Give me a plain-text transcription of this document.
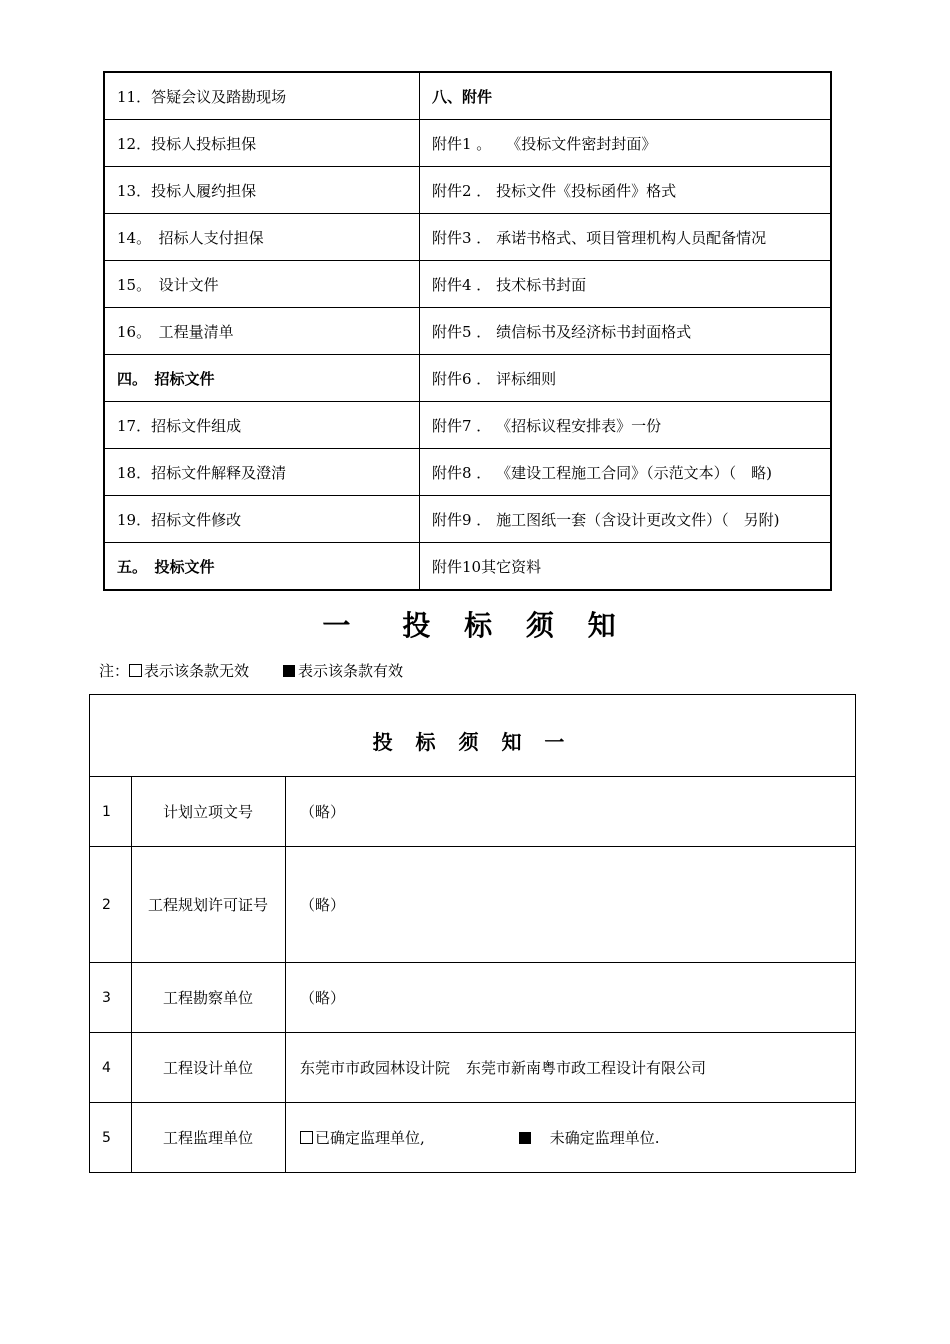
11．答疑会议及踏勘现场	八、附件
12．投标人投标担保	附件1 。　　《投标文件密封封面》
13．投标人履约担保	附件2 ． 投标文件《投标函件》格式
14。　招标人支付担保	附件3 ． 承诺书格式、项目管理机构人员配备情况
15。　设计文件	附件4 ． 技术标书封面
16。　工程量清单	附件5 ． 绩信标书及经济标书封面格式
四。　招标文件	附件6 ． 评标细则
17．招标文件组成	附件7 ． 《招标议程安排表》一份
18．招标文件解释及澄清	附件8 ． 《建设工程施工合同》（示范文本）（　略)
19．招标文件修改	附件9 ． 施工图纸一套（含设计更改文件）（　另附)
五。　投标文件	附件10其它资料
一　投 标 须 知
注： 表示该条款无效	表示该条款有效
投 标 须 知 一		
1	计划立项文号	（略）
2	工程规划许可证号	（略）
3	工程勘察单位	（略）
4	工程设计单位	东莞市市政园林设计院 东莞市新南粤市政工程设计有限公司
5	工程监理单位	已确定监理单位, 未确定监理单位.
